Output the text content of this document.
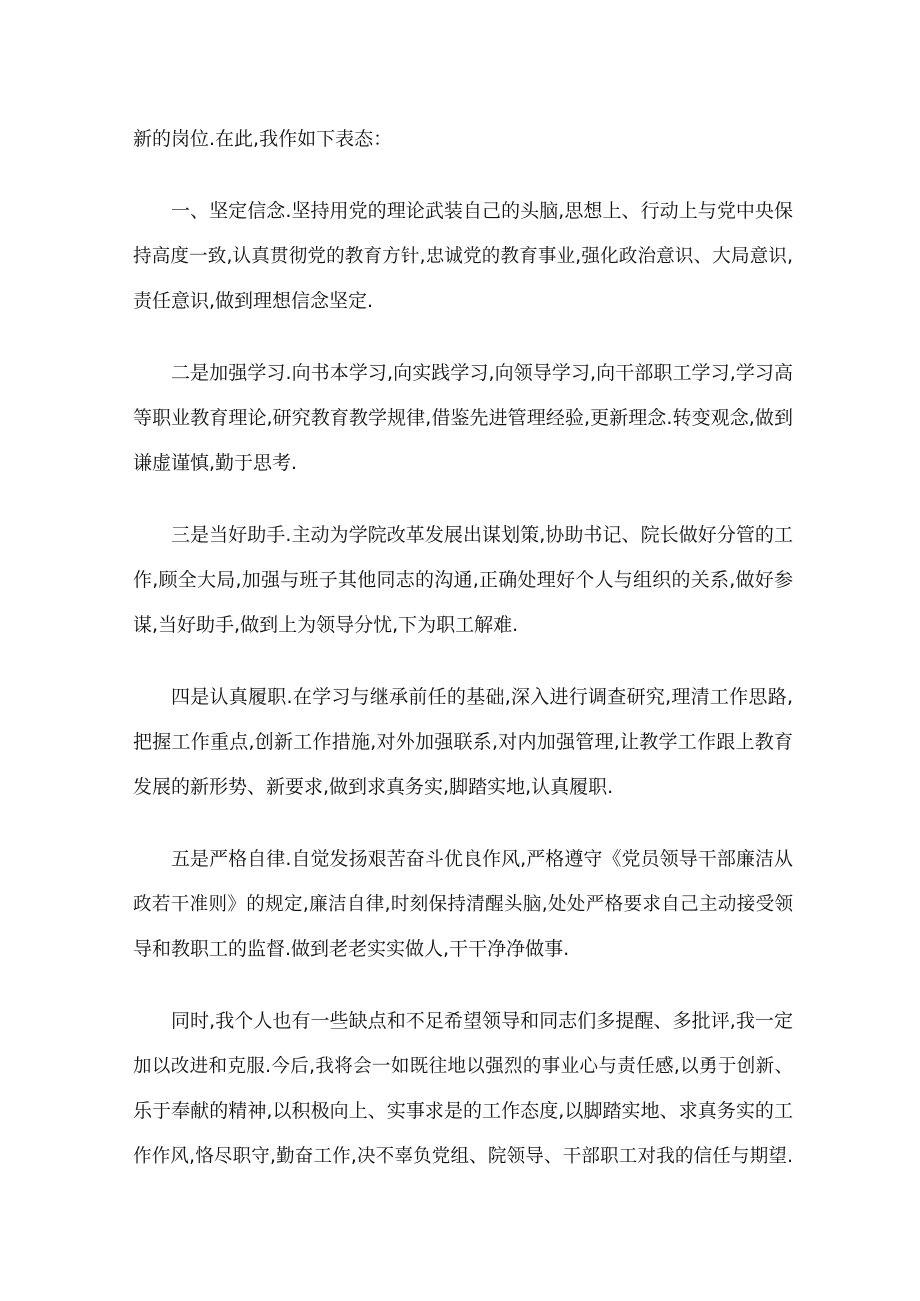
新的岗位.在此,我作如下表态：

一、坚定信念.坚持用党的理论武装自己的头脑,思想上、行动上与党中央保
持高度一致,认真贯彻党的教育方针,忠诚党的教育事业,强化政治意识、大局意识,
责任意识,做到理想信念坚定.

二是加强学习.向书本学习,向实践学习,向领导学习,向干部职工学习,学习高
等职业教育理论,研究教育教学规律,借鉴先进管理经验,更新理念.转变观念,做到
谦虚谨慎,勤于思考.

三是当好助手.主动为学院改革发展出谋划策,协助书记、院长做好分管的工
作,顾全大局,加强与班子其他同志的沟通,正确处理好个人与组织的关系,做好参
谋,当好助手,做到上为领导分忧,下为职工解难.

四是认真履职.在学习与继承前任的基础,深入进行调查研究,理清工作思路,
把握工作重点,创新工作措施,对外加强联系,对内加强管理,让教学工作跟上教育
发展的新形势、新要求,做到求真务实,脚踏实地,认真履职.

五是严格自律.自觉发扬艰苦奋斗优良作风,严格遵守《党员领导干部廉洁从
政若干准则》的规定,廉洁自律,时刻保持清醒头脑,处处严格要求自己主动接受领
导和教职工的监督.做到老老实实做人,干干净净做事.

同时,我个人也有一些缺点和不足希望领导和同志们多提醒、多批评,我一定
加以改进和克服.今后,我将会一如既往地以强烈的事业心与责任感,以勇于创新、
乐于奉献的精神,以积极向上、实事求是的工作态度,以脚踏实地、求真务实的工
作作风,恪尽职守,勤奋工作,决不辜负党组、院领导、干部职工对我的信任与期望.
